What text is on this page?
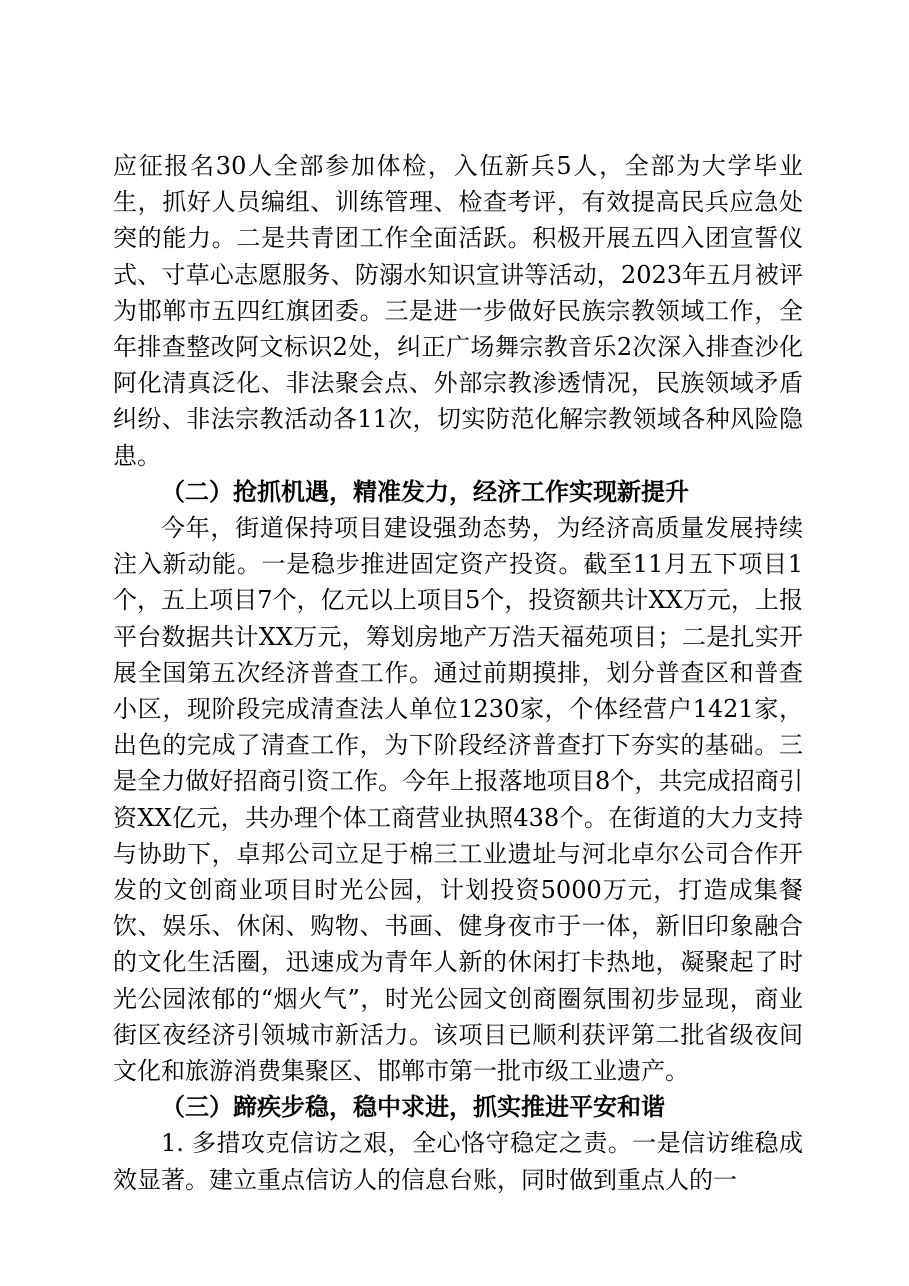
应征报名30人全部参加体检，入伍新兵5人，全部为大学毕业生，抓好人员编组、训练管理、检查考评，有效提高民兵应急处突的能力。二是共青团工作全面活跃。积极开展五四入团宣誓仪式、寸草心志愿服务、防溺水知识宣讲等活动，2023年五月被评为邯郸市五四红旗团委。三是进一步做好民族宗教领域工作，全年排查整改阿文标识2处，纠正广场舞宗教音乐2次深入排查沙化阿化清真泛化、非法聚会点、外部宗教渗透情况，民族领域矛盾纠纷、非法宗教活动各11次，切实防范化解宗教领域各种风险隐患。

（二）抢抓机遇，精准发力，经济工作实现新提升

今年，街道保持项目建设强劲态势，为经济高质量发展持续注入新动能。一是稳步推进固定资产投资。截至11月五下项目1个，五上项目7个，亿元以上项目5个，投资额共计XX万元，上报平台数据共计XX万元，筹划房地产万浩天福苑项目；二是扎实开展全国第五次经济普查工作。通过前期摸排，划分普查区和普查小区，现阶段完成清查法人单位1230家，个体经营户1421家，出色的完成了清查工作，为下阶段经济普查打下夯实的基础。三是全力做好招商引资工作。今年上报落地项目8个，共完成招商引资XX亿元，共办理个体工商营业执照438个。在街道的大力支持与协助下，卓邦公司立足于棉三工业遗址与河北卓尔公司合作开发的文创商业项目时光公园，计划投资5000万元，打造成集餐饮、娱乐、休闲、购物、书画、健身夜市于一体，新旧印象融合的文化生活圈，迅速成为青年人新的休闲打卡热地，凝聚起了时光公园浓郁的“烟火气”，时光公园文创商圈氛围初步显现，商业街区夜经济引领城市新活力。该项目已顺利获评第二批省级夜间文化和旅游消费集聚区、邯郸市第一批市级工业遗产。

（三）蹄疾步稳，稳中求进，抓实推进平安和谐

1. 多措攻克信访之艰，全心恪守稳定之责。一是信访维稳成效显著。建立重点信访人的信息台账，同时做到重点人的一
